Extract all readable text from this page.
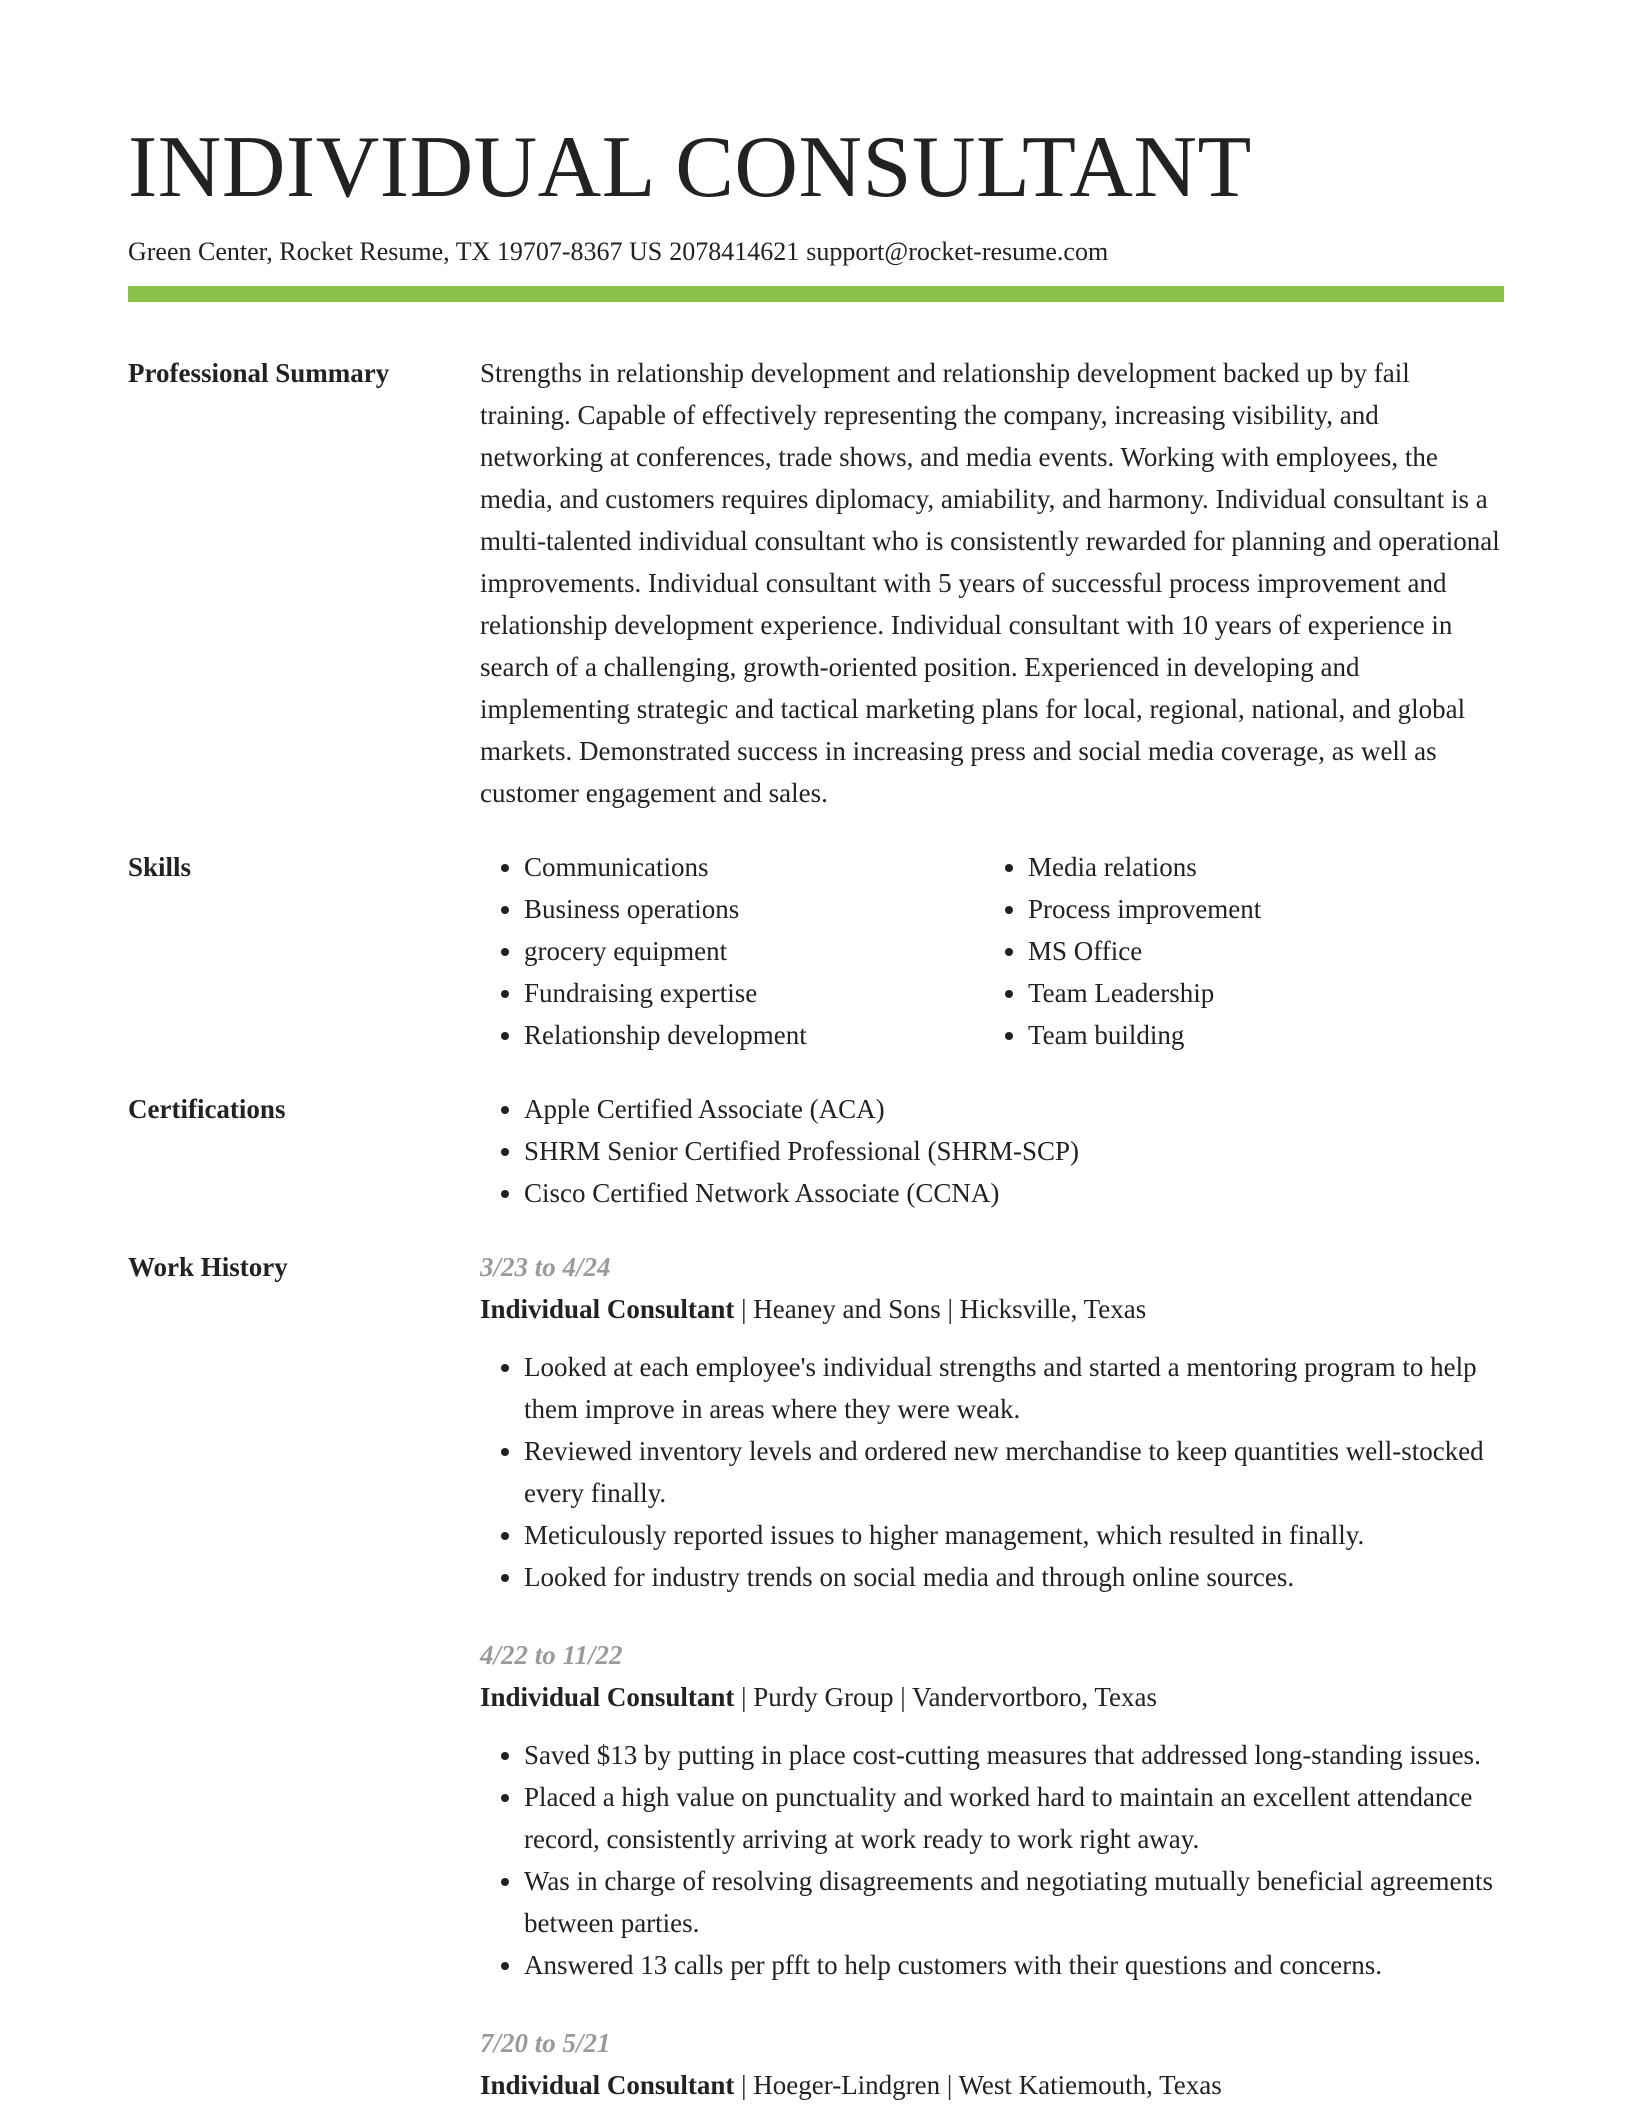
INDIVIDUAL CONSULTANT
Green Center, Rocket Resume, TX 19707-8367 US 2078414621 support@rocket-resume.com
Professional Summary	Strengths in relationship development and relationship development backed up by fail training. Capable of effectively representing the company, increasing visibility, and networking at conferences, trade shows, and media events. Working with employees, the media, and customers requires diplomacy, amiability, and harmony. Individual consultant is a multi-talented individual consultant who is consistently rewarded for planning and operational improvements. Individual consultant with 5 years of successful process improvement and relationship development experience. Individual consultant with 10 years of experience in search of a challenging, growth-oriented position. Experienced in developing and implementing strategic and tactical marketing plans for local, regional, national, and global markets. Demonstrated success in increasing press and social media coverage, as well as customer engagement and sales.

Skills	• Communications
• Business operations
• grocery equipment
• Fundraising expertise
• Relationship development
• Media relations
• Process improvement
• MS Office
• Team Leadership
• Team building
Certifications	• Apple Certified Associate (ACA)
• SHRM Senior Certified Professional (SHRM-SCP)
• Cisco Certified Network Associate (CCNA)
Work History	3/23 to 4/24
Individual Consultant | Heaney and Sons | Hicksville, Texas
• Looked at each employee's individual strengths and started a mentoring program to help them improve in areas where they were weak.
• Reviewed inventory levels and ordered new merchandise to keep quantities well-stocked every finally.
• Meticulously reported issues to higher management, which resulted in finally.
• Looked for industry trends on social media and through online sources.
4/22 to 11/22
Individual Consultant | Purdy Group | Vandervortboro, Texas
• Saved $13 by putting in place cost-cutting measures that addressed long-standing issues.
• Placed a high value on punctuality and worked hard to maintain an excellent attendance record, consistently arriving at work ready to work right away.
• Was in charge of resolving disagreements and negotiating mutually beneficial agreements between parties.
• Answered 13 calls per pfft to help customers with their questions and concerns.
7/20 to 5/21
Individual Consultant | Hoeger-Lindgren | West Katiemouth, Texas
